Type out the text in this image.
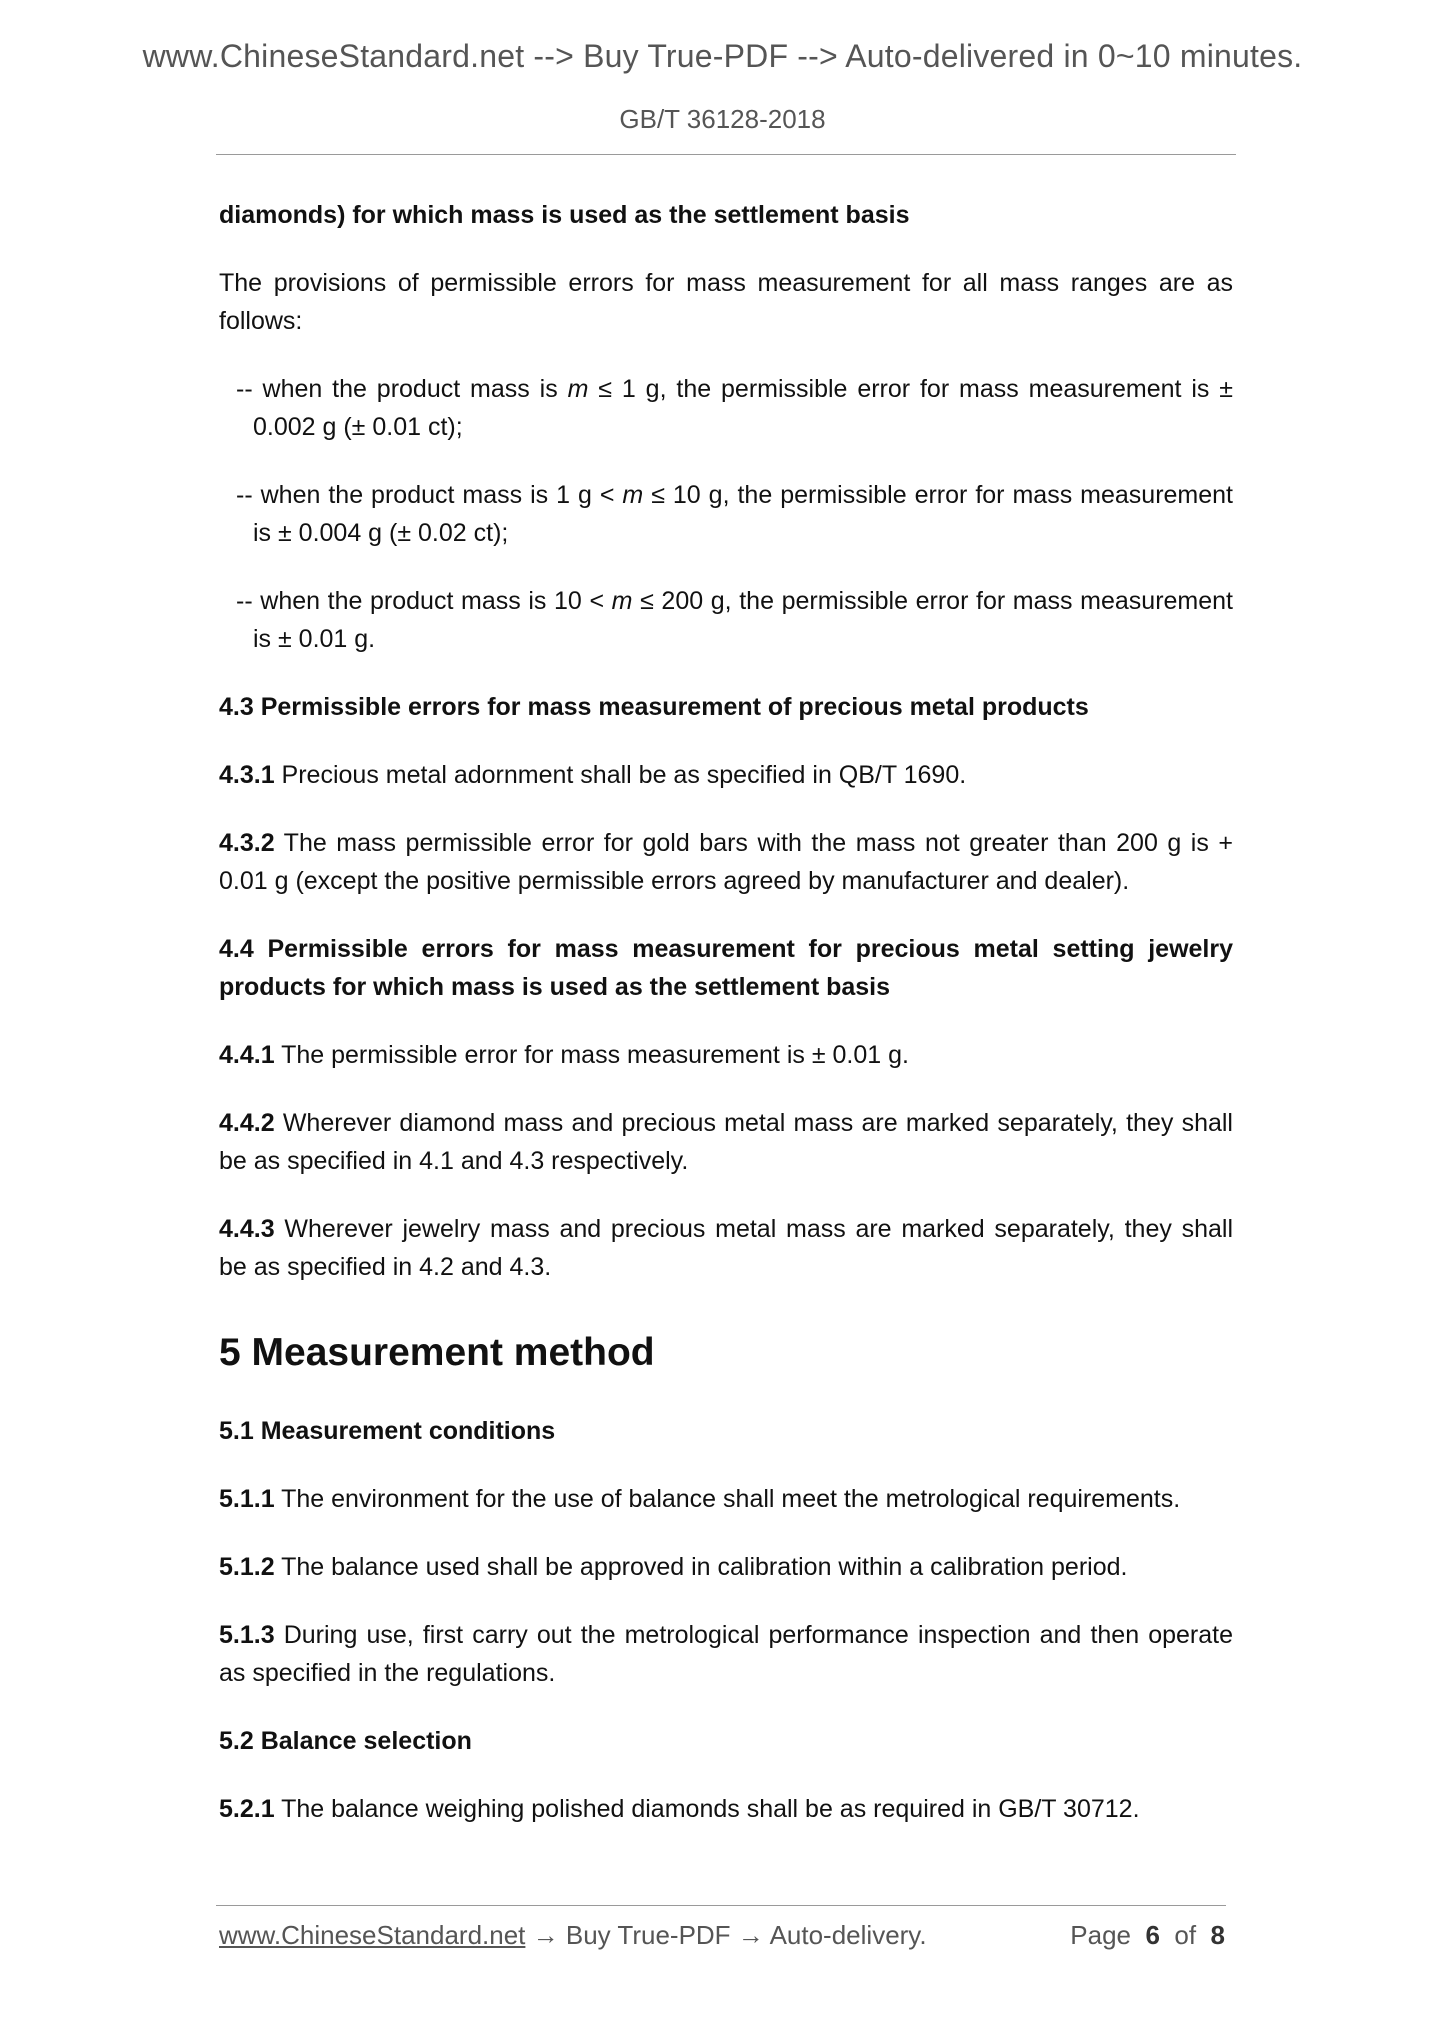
www.ChineseStandard.net --> Buy True-PDF --> Auto-delivered in 0~10 minutes.
GB/T 36128-2018
diamonds) for which mass is used as the settlement basis
The provisions of permissible errors for mass measurement for all mass ranges are as follows:
-- when the product mass is m ≤ 1 g, the permissible error for mass measurement is ± 0.002 g (± 0.01 ct);
-- when the product mass is 1 g < m ≤ 10 g, the permissible error for mass measurement is ± 0.004 g (± 0.02 ct);
-- when the product mass is 10 < m ≤ 200 g, the permissible error for mass measurement is ± 0.01 g.
4.3 Permissible errors for mass measurement of precious metal products
4.3.1 Precious metal adornment shall be as specified in QB/T 1690.
4.3.2 The mass permissible error for gold bars with the mass not greater than 200 g is + 0.01 g (except the positive permissible errors agreed by manufacturer and dealer).
4.4 Permissible errors for mass measurement for precious metal setting jewelry products for which mass is used as the settlement basis
4.4.1 The permissible error for mass measurement is ± 0.01 g.
4.4.2 Wherever diamond mass and precious metal mass are marked separately, they shall be as specified in 4.1 and 4.3 respectively.
4.4.3 Wherever jewelry mass and precious metal mass are marked separately, they shall be as specified in 4.2 and 4.3.
5 Measurement method
5.1 Measurement conditions
5.1.1 The environment for the use of balance shall meet the metrological requirements.
5.1.2 The balance used shall be approved in calibration within a calibration period.
5.1.3 During use, first carry out the metrological performance inspection and then operate as specified in the regulations.
5.2 Balance selection
5.2.1 The balance weighing polished diamonds shall be as required in GB/T 30712.
www.ChineseStandard.net → Buy True-PDF → Auto-delivery.	Page 6 of 8
